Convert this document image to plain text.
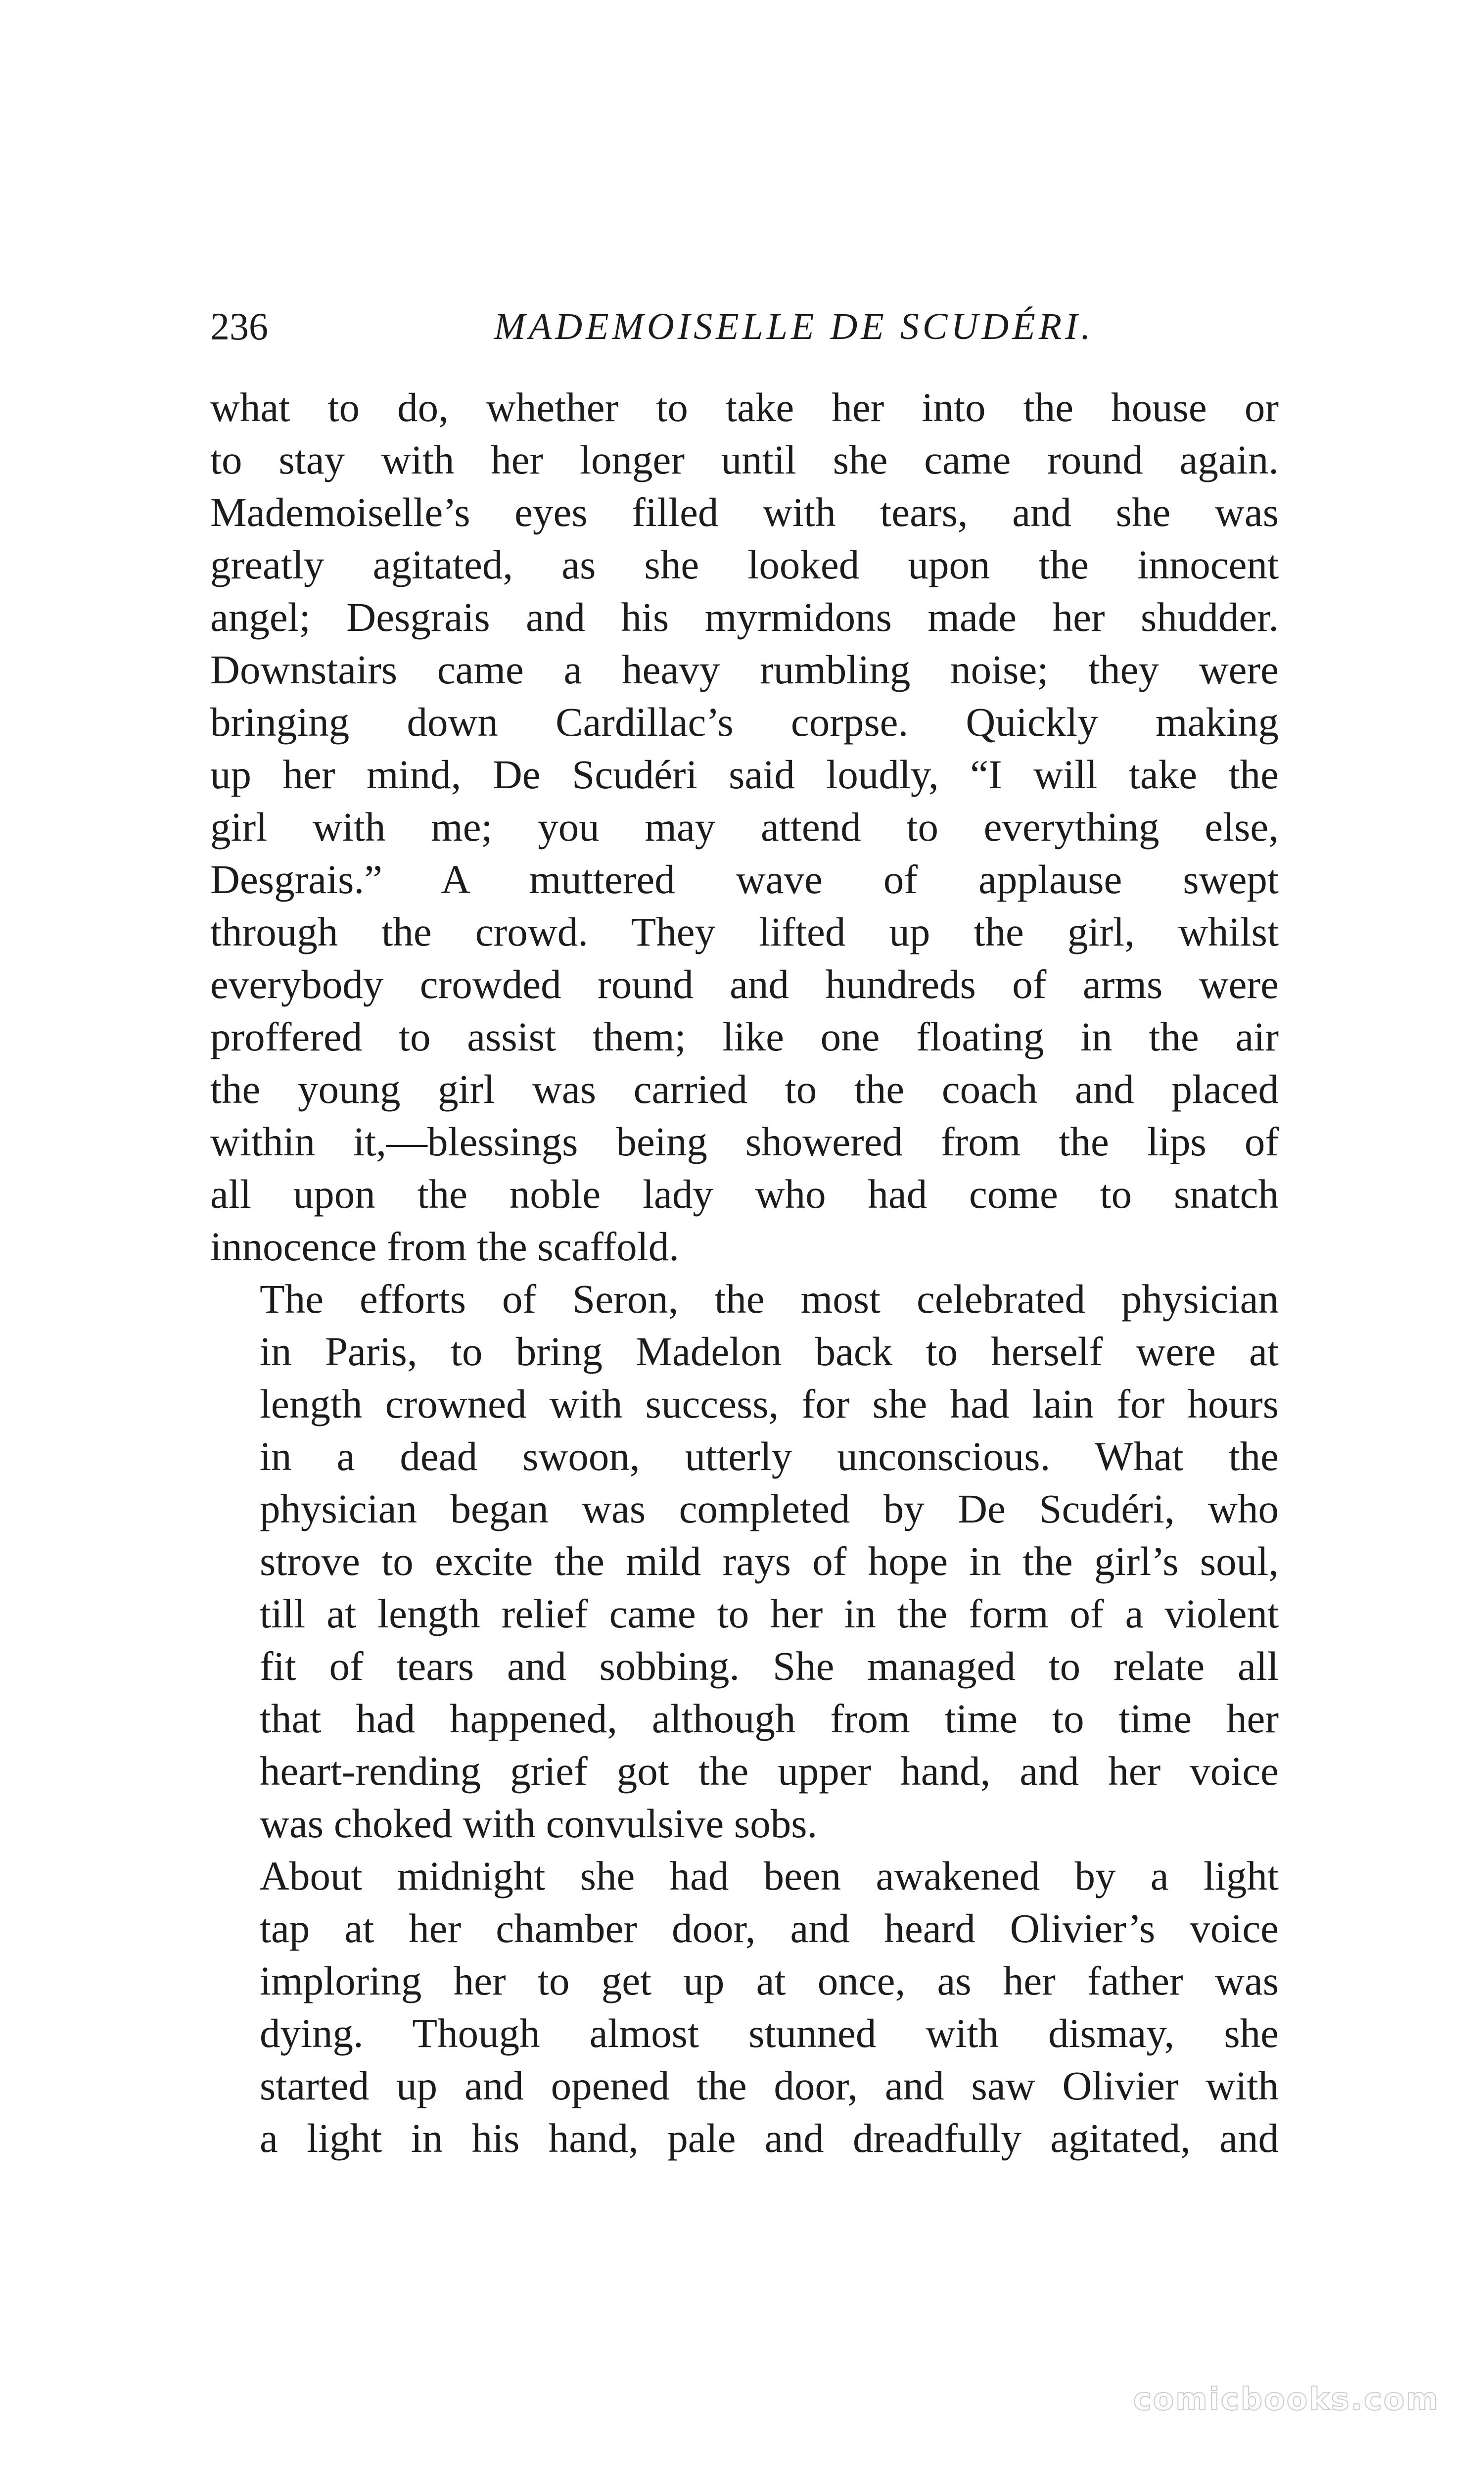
236	MADEMOISELLE DE SCUDÉRI.

what to do, whether to take her into the house or
to stay with her longer until she came round again.
Mademoiselle’s eyes filled with tears, and she was
greatly agitated, as she looked upon the innocent
angel; Desgrais and his myrmidons made her shudder.
Downstairs came a heavy rumbling noise; they were
bringing down Cardillac’s corpse. Quickly making
up her mind, De Scudéri said loudly, “I will take the
girl with me; you may attend to everything else,
Desgrais.” A muttered wave of applause swept
through the crowd. They lifted up the girl, whilst
everybody crowded round and hundreds of arms were
proffered to assist them; like one floating in the air
the young girl was carried to the coach and placed
within it,—blessings being showered from the lips of
all upon the noble lady who had come to snatch
innocence from the scaffold.

The efforts of Seron, the most celebrated physician
in Paris, to bring Madelon back to herself were at
length crowned with success, for she had lain for hours
in a dead swoon, utterly unconscious. What the
physician began was completed by De Scudéri, who
strove to excite the mild rays of hope in the girl’s soul,
till at length relief came to her in the form of a violent
fit of tears and sobbing. She managed to relate all
that had happened, although from time to time her
heart-rending grief got the upper hand, and her voice
was choked with convulsive sobs.

About midnight she had been awakened by a light
tap at her chamber door, and heard Olivier’s voice
imploring her to get up at once, as her father was
dying. Though almost stunned with dismay, she
started up and opened the door, and saw Olivier with
a light in his hand, pale and dreadfully agitated, and

comicbooks.com
